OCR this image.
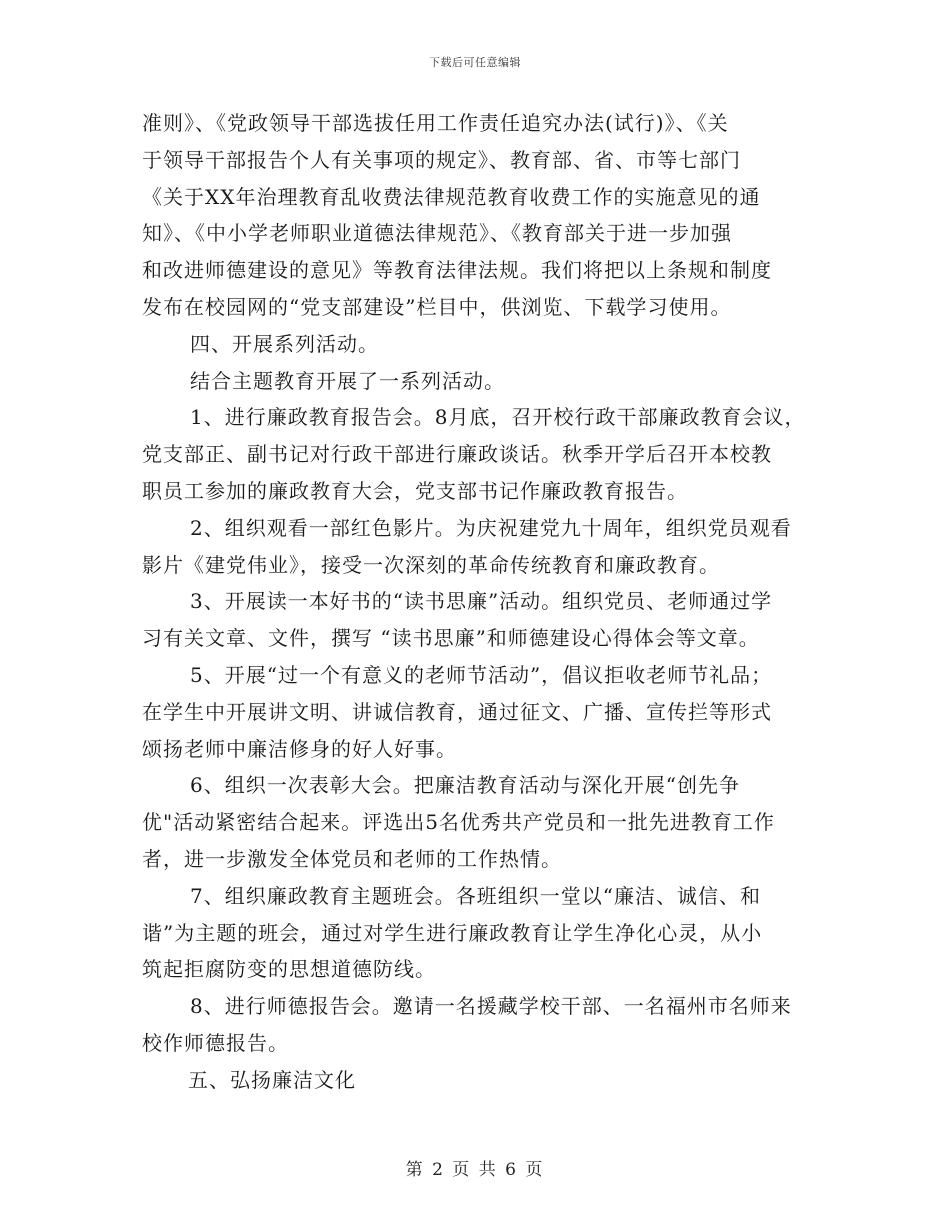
下载后可任意编辑
准则》、《党政领导干部选拔任用工作责任追究办法(试行)》、《关
于领导干部报告个人有关事项的规定》、教育部、省、市等七部门
《关于XX年治理教育乱收费法律规范教育收费工作的实施意见的通
知》、《中小学老师职业道德法律规范》、《教育部关于进一步加强
和改进师德建设的意见》等教育法律法规。我们将把以上条规和制度
发布在校园网的“党支部建设”栏目中，供浏览、下载学习使用。
四、开展系列活动。
结合主题教育开展了一系列活动。
1、进行廉政教育报告会。8月底，召开校行政干部廉政教育会议，
党支部正、副书记对行政干部进行廉政谈话。秋季开学后召开本校教
职员工参加的廉政教育大会，党支部书记作廉政教育报告。
2、组织观看一部红色影片。为庆祝建党九十周年，组织党员观看
影片《建党伟业》，接受一次深刻的革命传统教育和廉政教育。
3、开展读一本好书的“读书思廉”活动。组织党员、老师通过学
习有关文章、文件，撰写 “读书思廉”和师德建设心得体会等文章。
5、开展“过一个有意义的老师节活动”，倡议拒收老师节礼品；
在学生中开展讲文明、讲诚信教育，通过征文、广播、宣传拦等形式
颂扬老师中廉洁修身的好人好事。
6、组织一次表彰大会。把廉洁教育活动与深化开展“创先争
优"活动紧密结合起来。评选出5名优秀共产党员和一批先进教育工作
者，进一步激发全体党员和老师的工作热情。
7、组织廉政教育主题班会。各班组织一堂以“廉洁、诚信、和
谐”为主题的班会，通过对学生进行廉政教育让学生净化心灵，从小
筑起拒腐防变的思想道德防线。
8、进行师德报告会。邀请一名援藏学校干部、一名福州市名师来
校作师德报告。
五、弘扬廉洁文化
第 2 页 共 6 页
